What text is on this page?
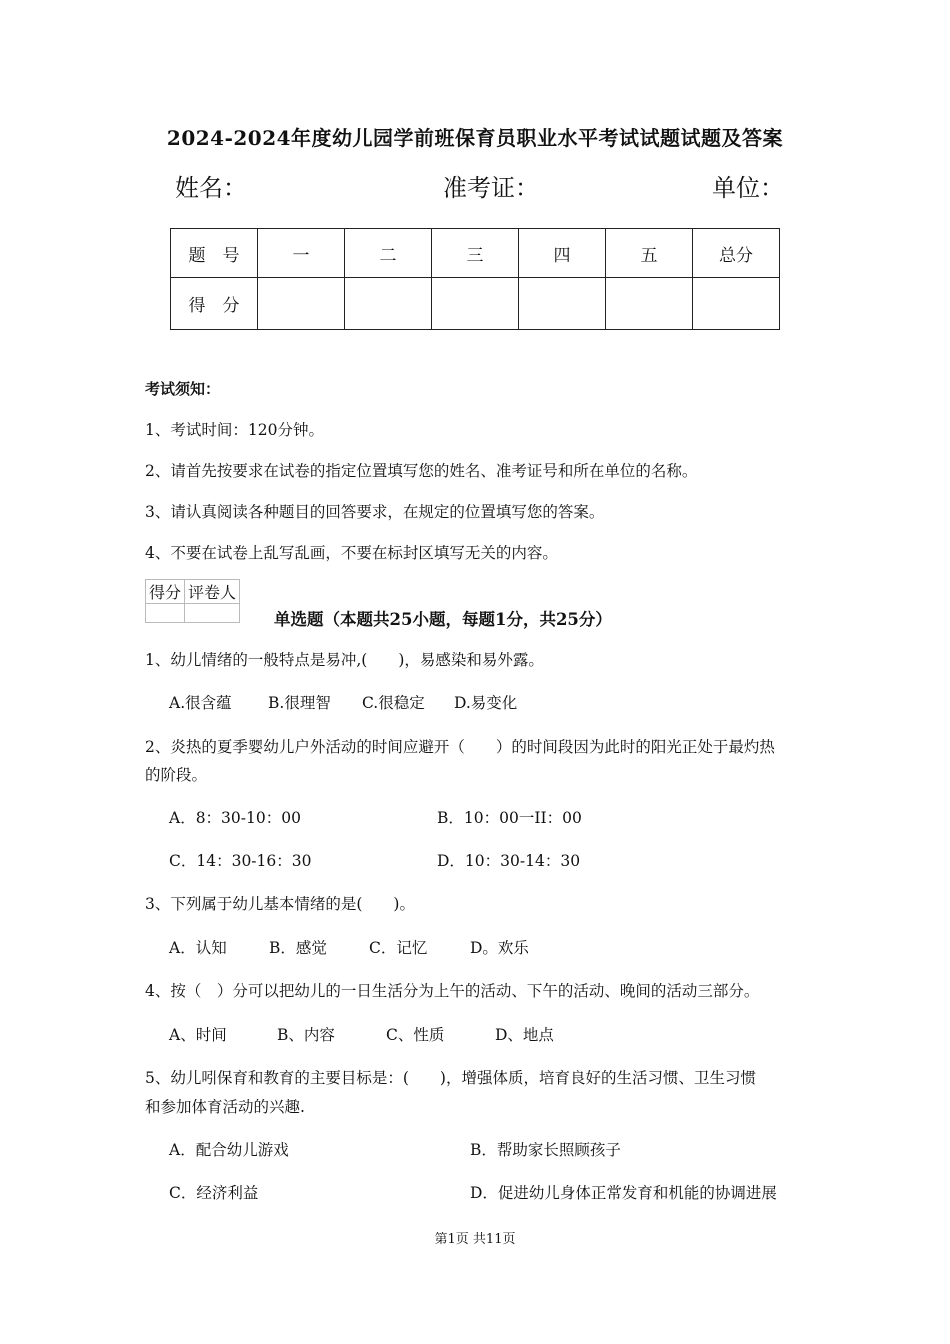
2024-2024年度幼儿园学前班保育员职业水平考试试题试题及答案
姓名：	准考证：	单位：
题　号	一	二	三	四	五	总分
得　分						
考试须知：
1、考试时间：120分钟。
2、请首先按要求在试卷的指定位置填写您的姓名、准考证号和所在单位的名称。
3、请认真阅读各种题目的回答要求，在规定的位置填写您的答案。
4、不要在试卷上乱写乱画，不要在标封区填写无关的内容。
得分	评卷人

单选题（本题共25小题，每题1分，共25分）
1、幼儿情绪的一般特点是易冲,(　　)，易感染和易外露。
A.很含蕴 B.很理智 C.很稳定 D.易变化
2、炎热的夏季婴幼儿户外活动的时间应避开（　　）的时间段因为此时的阳光正处于最灼热
的阶段。
A．8：30-10：00	B．10：00一II：00
C．14：30-16：30	D．10：30-14：30
3、下列属于幼儿基本情绪的是(　　)。
A．认知	B．感觉	C．记忆	D。欢乐
4、按（　）分可以把幼儿的一日生活分为上午的活动、下午的活动、晚间的活动三部分。
A、时间	B、内容	C、性质	D、地点
5、幼儿吲保育和教育的主要目标是：(　　)，增强体质，培育良好的生活习惯、卫生习惯
和参加体育活动的兴趣.
A．配合幼儿游戏	B．帮助家长照顾孩子
C．经济利益	D．促进幼儿身体正常发育和机能的协调进展
第1页 共11页
